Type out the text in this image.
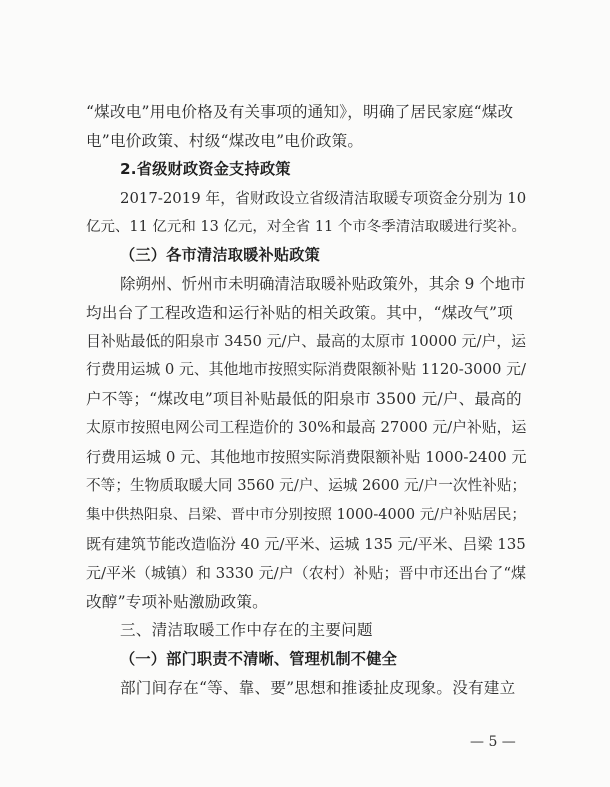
“煤改电”用电价格及有关事项的通知》，明确了居民家庭“煤改
电”电价政策、村级“煤改电”电价政策。
2.省级财政资金支持政策
2017-2019 年，省财政设立省级清洁取暖专项资金分别为 10
亿元、11 亿元和 13 亿元，对全省 11 个市冬季清洁取暖进行奖补。
（三）各市清洁取暖补贴政策
除朔州、忻州市未明确清洁取暖补贴政策外，其余 9 个地市
均出台了工程改造和运行补贴的相关政策。其中，“煤改气”项
目补贴最低的阳泉市 3450 元/户、最高的太原市 10000 元/户，运
行费用运城 0 元、其他地市按照实际消费限额补贴 1120-3000 元/
户不等；“煤改电”项目补贴最低的阳泉市 3500 元/户、最高的
太原市按照电网公司工程造价的 30%和最高 27000 元/户补贴，运
行费用运城 0 元、其他地市按照实际消费限额补贴 1000-2400 元
不等；生物质取暖大同 3560 元/户、运城 2600 元/户一次性补贴；
集中供热阳泉、吕梁、晋中市分别按照 1000-4000 元/户补贴居民；
既有建筑节能改造临汾 40 元/平米、运城 135 元/平米、吕梁 135
元/平米（城镇）和 3330 元/户（农村）补贴；晋中市还出台了“煤
改醇”专项补贴激励政策。
三、清洁取暖工作中存在的主要问题
（一）部门职责不清晰、管理机制不健全
部门间存在“等、靠、要”思想和推诿扯皮现象。没有建立
— 5 —
